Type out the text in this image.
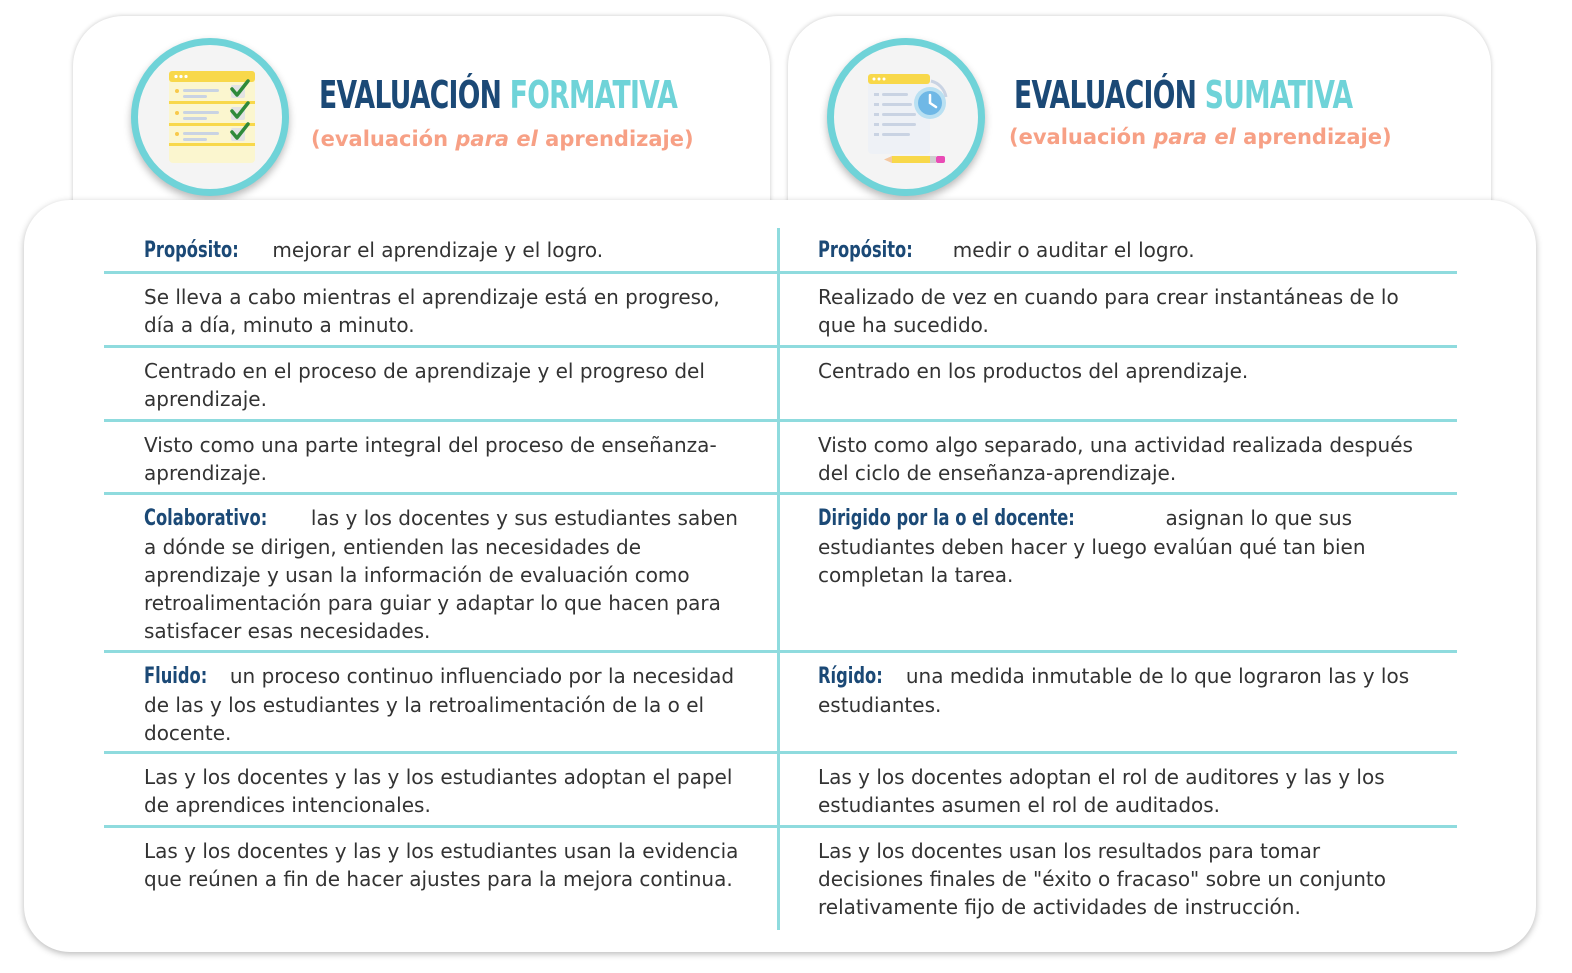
EVALUACIÓN FORMATIVA
(evaluación para el aprendizaje)
EVALUACIÓN SUMATIVA
(evaluación para el aprendizaje)
Propósito: mejorar el aprendizaje y el logro.	Propósito:  medir o auditar el logro.
Se lleva a cabo mientras el aprendizaje está en progreso, día a día, minuto a minuto.
Realizado de vez en cuando para crear instantáneas de lo que ha sucedido.
Centrado en el proceso de aprendizaje y el progreso del aprendizaje.
Centrado en los productos del aprendizaje.
Visto como una parte integral del proceso de enseñanza-aprendizaje.
Visto como algo separado, una actividad realizada después del ciclo de enseñanza-aprendizaje.
Colaborativo: las y los docentes y sus estudiantes saben a dónde se dirigen, entienden las necesidades de aprendizaje y usan la información de evaluación como retroalimentación para guiar y adaptar lo que hacen para satisfacer esas necesidades.
Dirigido por la o el docente:	asignan lo que sus estudiantes deben hacer y luego evalúan qué tan bien completan la tarea.
Fluido: un proceso continuo influenciado por la necesidad de las y los estudiantes y la retroalimentación de la o el docente.
Rígido: una medida inmutable de lo que lograron las y los estudiantes.
Las y los docentes y las y los estudiantes adoptan el papel de aprendices intencionales.
Las y los docentes adoptan el rol de auditores y las y los estudiantes asumen el rol de auditados.
Las y los docentes y las y los estudiantes usan la evidencia que reúnen a fin de hacer ajustes para la mejora continua.
Las y los docentes usan los resultados para tomar decisiones finales de "éxito o fracaso" sobre un conjunto relativamente fijo de actividades de instrucción.
